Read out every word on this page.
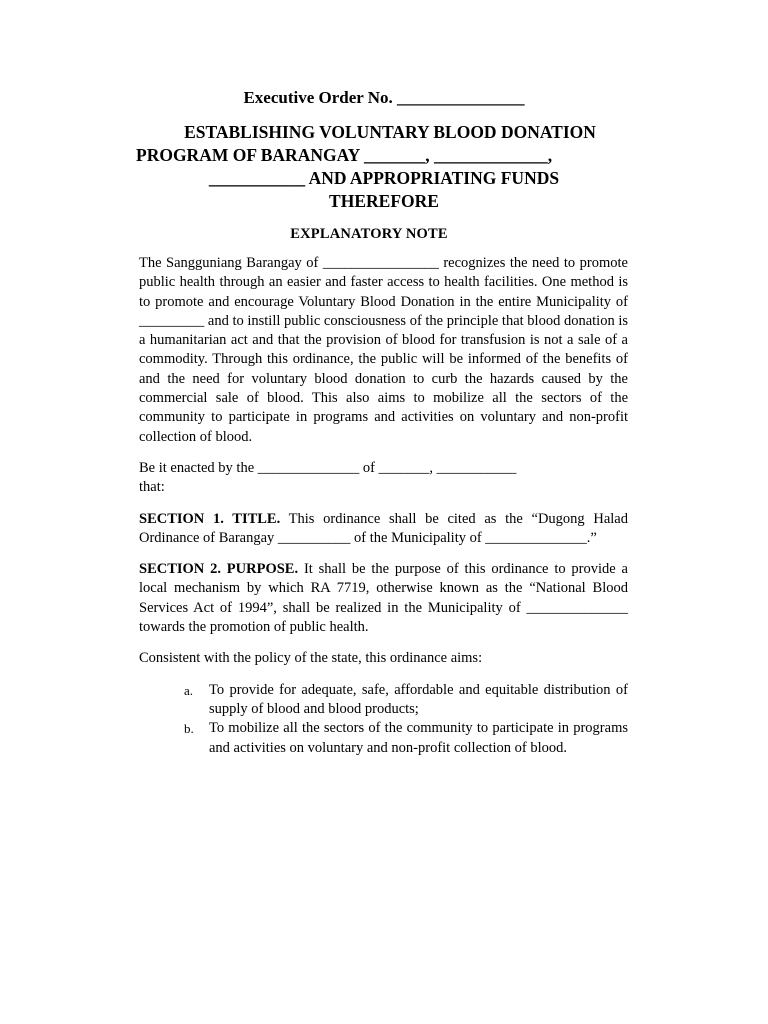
Executive Order No. _______________
ESTABLISHING VOLUNTARY BLOOD DONATION
PROGRAM OF BARANGAY _______, _____________,
___________ AND APPROPRIATING FUNDS
THEREFORE
EXPLANATORY NOTE

The Sangguniang Barangay of ________________ recognizes the need to promote public health through an easier and faster access to health facilities. One method is to promote and encourage Voluntary Blood Donation in the entire Municipality of _________ and to instill public consciousness of the principle that blood donation is a humanitarian act and that the provision of blood for transfusion is not a sale of a commodity. Through this ordinance, the public will be informed of the benefits of and the need for voluntary blood donation to curb the hazards caused by the commercial sale of blood. This also aims to mobilize all the sectors of the community to participate in programs and activities on voluntary and non-profit collection of blood.

Be it enacted by the ______________ of _______, ___________
that:

SECTION 1. TITLE. This ordinance shall be cited as the “Dugong Halad Ordinance of Barangay __________ of the Municipality of ______________.”

SECTION 2. PURPOSE. It shall be the purpose of this ordinance to provide a local mechanism by which RA 7719, otherwise known as the “National Blood Services Act of 1994”, shall be realized in the Municipality of ______________ towards the promotion of public health.

Consistent with the policy of the state, this ordinance aims:

a. To provide for adequate, safe, affordable and equitable distribution of supply of blood and blood products;
b. To mobilize all the sectors of the community to participate in programs and activities on voluntary and non-profit collection of blood.
